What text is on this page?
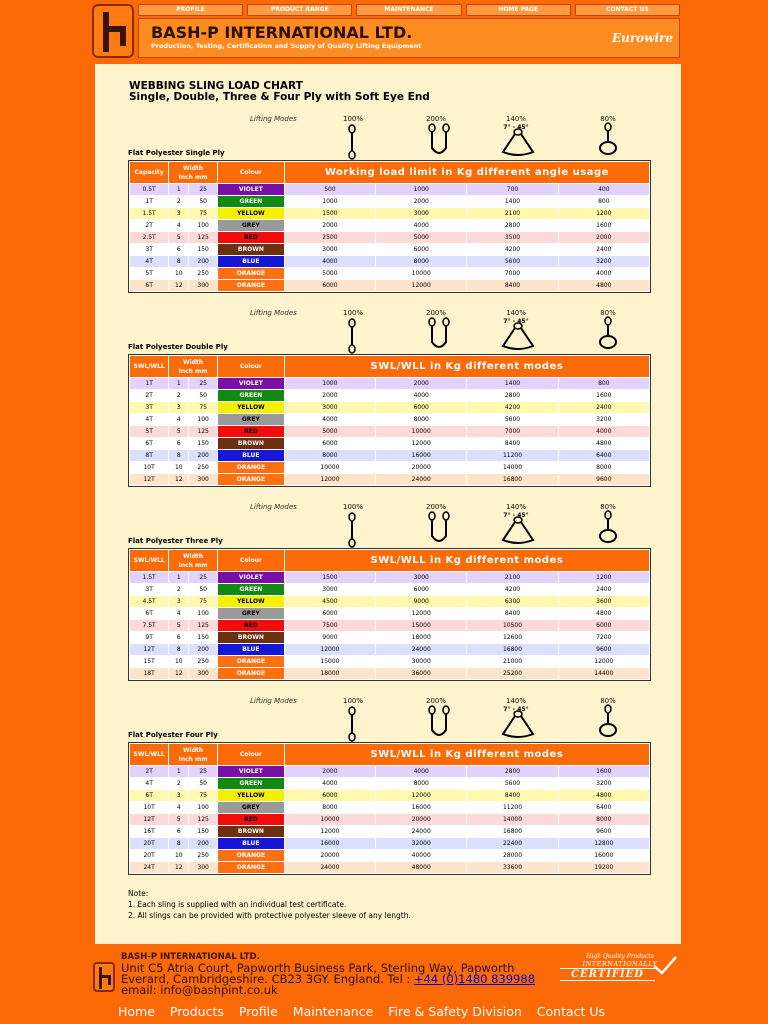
PROFILE	PRODUCT RANGE	MAINTENANCE	HOME PAGE	CONTACT US
BASH-P INTERNATIONAL LTD.
Production, Testing, Certification and Supply of Quality Lifting Equipment
Eurowire
WEBBING SLING LOAD CHART
Single, Double, Three & Four Ply with Soft Eye End
Lifting Modes	100%	200%	140%	80%
7° - 45°
Flat Polyester Single Ply
Capacity	Width
Inch mm		Colour	Working load limit in Kg different angle usage			
0.5T	1	25	VIOLET	500	1000	700	400
1T	2	50	GREEN	1000	2000	1400	800
1.5T	3	75	YELLOW	1500	3000	2100	1200
2T	4	100	GREY	2000	4000	2800	1600
2.5T	5	125	RED	2500	5000	3500	2000
3T	6	150	BROWN	3000	6000	4200	2400
4T	8	200	BLUE	4000	8000	5600	3200
5T	10	250	ORANGE	5000	10000	7000	4000
6T	12	300	ORANGE	6000	12000	8400	4800
Lifting Modes	100%	200%	140%	80%
7° - 45°
Flat Polyester Double Ply
SWL/WLL	Width
Inch mm		Colour	SWL/WLL in Kg different modes			
1T	1	25	VIOLET	1000	2000	1400	800
2T	2	50	GREEN	2000	4000	2800	1600
3T	3	75	YELLOW	3000	6000	4200	2400
4T	4	100	GREY	4000	8000	5600	3200
5T	5	125	RED	5000	10000	7000	4000
6T	6	150	BROWN	6000	12000	8400	4800
8T	8	200	BLUE	8000	16000	11200	6400
10T	10	250	ORANGE	10000	20000	14000	8000
12T	12	300	ORANGE	12000	24000	16800	9600
Lifting Modes	100%	200%	140%	80%
7° - 45°
Flat Polyester Three Ply
SWL/WLL	Width
Inch mm		Colour	SWL/WLL in Kg different modes			
1.5T	1	25	VIOLET	1500	3000	2100	1200
3T	2	50	GREEN	3000	6000	4200	2400
4.5T	3	75	YELLOW	4500	9000	6300	3600
6T	4	100	GREY	6000	12000	8400	4800
7.5T	5	125	RED	7500	15000	10500	6000
9T	6	150	BROWN	9000	18000	12600	7200
12T	8	200	BLUE	12000	24000	16800	9600
15T	10	250	ORANGE	15000	30000	21000	12000
18T	12	300	ORANGE	18000	36000	25200	14400
Lifting Modes	100%	200%	140%	80%
7° - 45°
Flat Polyester Four Ply
SWL/WLL	Width
Inch mm		Colour	SWL/WLL in Kg different modes			
2T	1	25	VIOLET	2000	4000	2800	1600
4T	2	50	GREEN	4000	8000	5600	3200
6T	3	75	YELLOW	6000	12000	8400	4800
10T	4	100	GREY	8000	16000	11200	6400
12T	5	125	RED	10000	20000	14000	8000
16T	6	150	BROWN	12000	24000	16800	9600
20T	8	200	BLUE	16000	32000	22400	12800
20T	10	250	ORANGE	20000	40000	28000	16000
24T	12	300	ORANGE	24000	48000	33600	19200
Note:
1. Each sling is supplied with an individual test certificate.
2. All slings can be provided with protective polyester sleeve of any length.
BASH-P INTERNATIONAL LTD.
Unit C5 Atria Court, Papworth Business Park, Sterling Way, Papworth Everard, Cambridgeshire. CB23 3GY. England. Tel : +44 (0)1480 839988 email: info@bashpint.co.uk
High Quality Products
INTERNATIONALLY
CERTIFIED
Home Products Profile Maintenance Fire & Safety Division Contact Us
